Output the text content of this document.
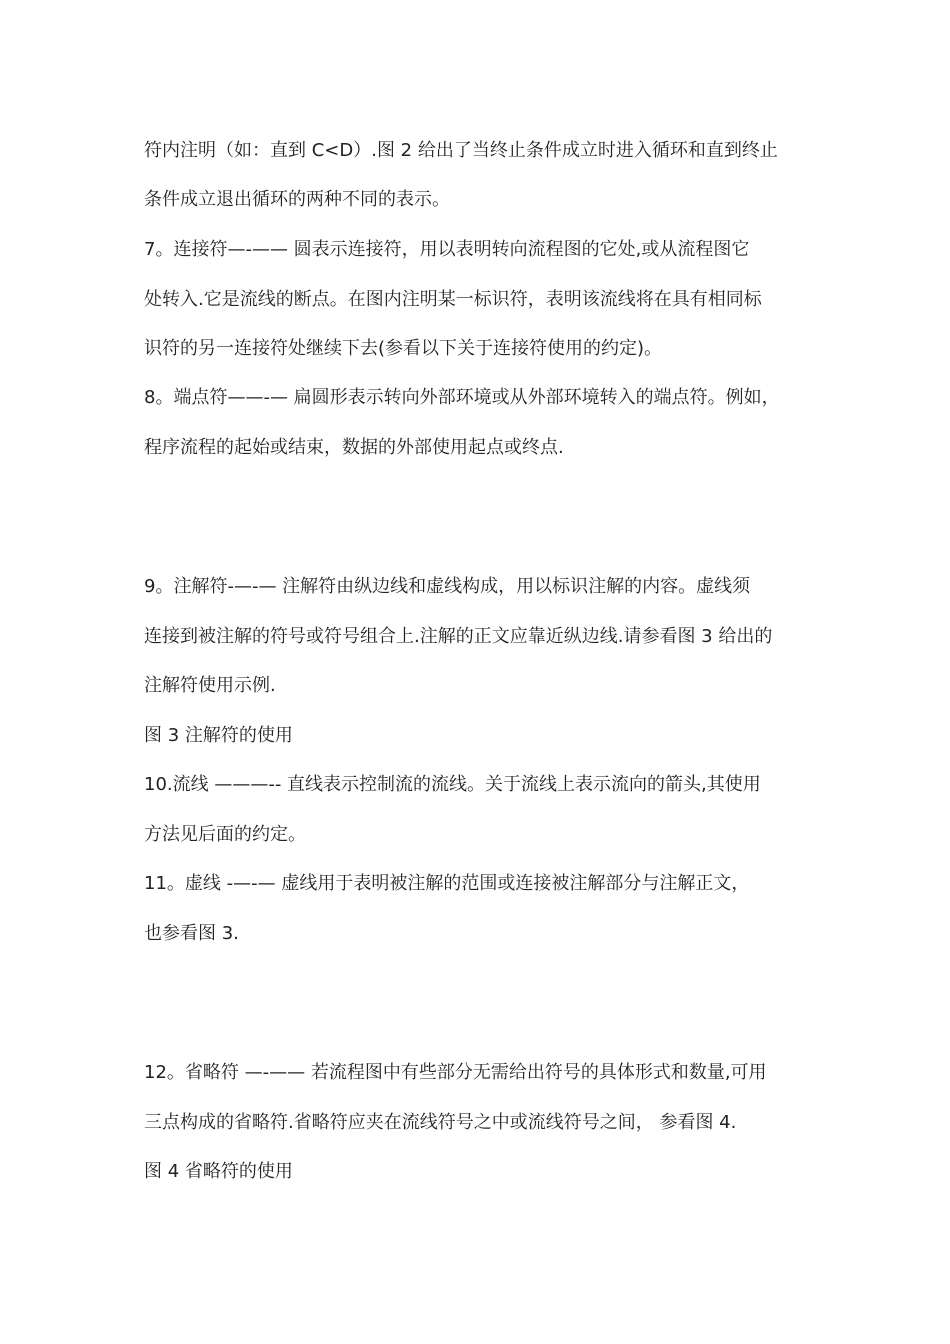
符内注明（如：直到 C<D）.图 2 给出了当终止条件成立时进入循环和直到终止
条件成立退出循环的两种不同的表示。
7。连接符—-—— 圆表示连接符，用以表明转向流程图的它处,或从流程图它
处转入.它是流线的断点。在图内注明某一标识符，表明该流线将在具有相同标
识符的另一连接符处继续下去(参看以下关于连接符使用的约定)。
8。端点符——-— 扁圆形表示转向外部环境或从外部环境转入的端点符。例如，
程序流程的起始或结束，数据的外部使用起点或终点.
9。注解符-—-— 注解符由纵边线和虚线构成，用以标识注解的内容。虚线须
连接到被注解的符号或符号组合上.注解的正文应靠近纵边线.请参看图 3 给出的
注解符使用示例.
图 3 注解符的使用
10.流线 ———-- 直线表示控制流的流线。关于流线上表示流向的箭头,其使用
方法见后面的约定。
11。虚线 -—-— 虚线用于表明被注解的范围或连接被注解部分与注解正文，
也参看图 3.
12。省略符 —-—— 若流程图中有些部分无需给出符号的具体形式和数量,可用
三点构成的省略符.省略符应夹在流线符号之中或流线符号之间， 参看图 4.
图 4 省略符的使用
